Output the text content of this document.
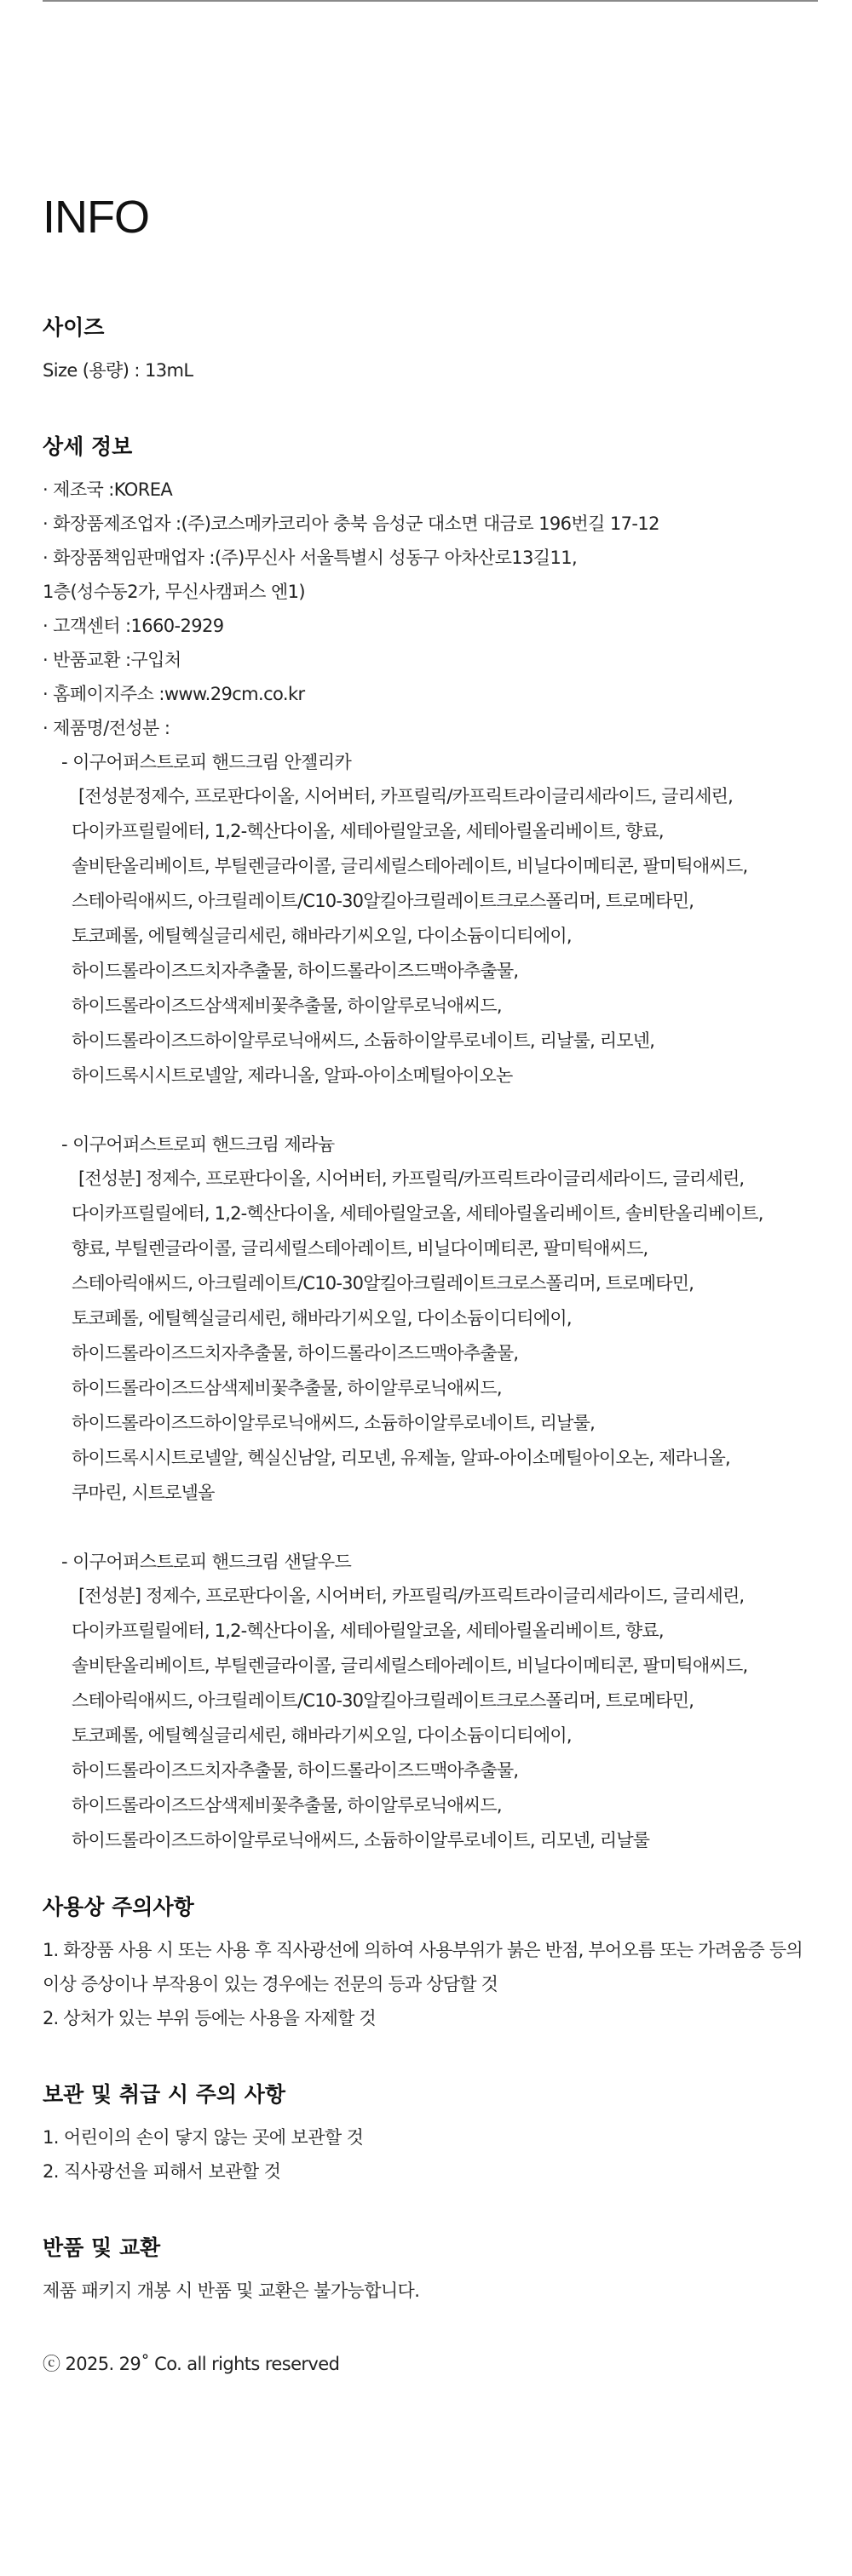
INFO
사이즈
Size (용량) : 13mL
상세 정보
· 제조국 :KOREA
· 화장품제조업자 :(주)코스메카코리아 충북 음성군 대소면 대금로 196번길 17-12
· 화장품책임판매업자 :(주)무신사 서울특별시 성동구 아차산로13길11,
1층(성수동2가, 무신사캠퍼스 엔1)
· 고객센터 :1660-2929
· 반품교환 :구입처
· 홈페이지주소 :www.29cm.co.kr
· 제품명/전성분 :
- 이구어퍼스트로피 핸드크림 안젤리카
[전성분정제수, 프로판다이올, 시어버터, 카프릴릭/카프릭트라이글리세라이드, 글리세린,
다이카프릴릴에터, 1,2-헥산다이올, 세테아릴알코올, 세테아릴올리베이트, 향료,
솔비탄올리베이트, 부틸렌글라이콜, 글리세릴스테아레이트, 비닐다이메티콘, 팔미틱애씨드,
스테아릭애씨드, 아크릴레이트/C10-30알킬아크릴레이트크로스폴리머, 트로메타민,
토코페롤, 에틸헥실글리세린, 해바라기씨오일, 다이소듐이디티에이,
하이드롤라이즈드치자추출물, 하이드롤라이즈드맥아추출물,
하이드롤라이즈드삼색제비꽃추출물, 하이알루로닉애씨드,
하이드롤라이즈드하이알루로닉애씨드, 소듐하이알루로네이트, 리날룰, 리모넨,
하이드록시시트로넬알, 제라니올, 알파-아이소메틸아이오논
- 이구어퍼스트로피 핸드크림 제라늄
[전성분] 정제수, 프로판다이올, 시어버터, 카프릴릭/카프릭트라이글리세라이드, 글리세린,
다이카프릴릴에터, 1,2-헥산다이올, 세테아릴알코올, 세테아릴올리베이트, 솔비탄올리베이트,
향료, 부틸렌글라이콜, 글리세릴스테아레이트, 비닐다이메티콘, 팔미틱애씨드,
스테아릭애씨드, 아크릴레이트/C10-30알킬아크릴레이트크로스폴리머, 트로메타민,
토코페롤, 에틸헥실글리세린, 해바라기씨오일, 다이소듐이디티에이,
하이드롤라이즈드치자추출물, 하이드롤라이즈드맥아추출물,
하이드롤라이즈드삼색제비꽃추출물, 하이알루로닉애씨드,
하이드롤라이즈드하이알루로닉애씨드, 소듐하이알루로네이트, 리날룰,
하이드록시시트로넬알, 헥실신남알, 리모넨, 유제놀, 알파-아이소메틸아이오논, 제라니올,
쿠마린, 시트로넬올
- 이구어퍼스트로피 핸드크림 샌달우드
[전성분] 정제수, 프로판다이올, 시어버터, 카프릴릭/카프릭트라이글리세라이드, 글리세린,
다이카프릴릴에터, 1,2-헥산다이올, 세테아릴알코올, 세테아릴올리베이트, 향료,
솔비탄올리베이트, 부틸렌글라이콜, 글리세릴스테아레이트, 비닐다이메티콘, 팔미틱애씨드,
스테아릭애씨드, 아크릴레이트/C10-30알킬아크릴레이트크로스폴리머, 트로메타민,
토코페롤, 에틸헥실글리세린, 해바라기씨오일, 다이소듐이디티에이,
하이드롤라이즈드치자추출물, 하이드롤라이즈드맥아추출물,
하이드롤라이즈드삼색제비꽃추출물, 하이알루로닉애씨드,
하이드롤라이즈드하이알루로닉애씨드, 소듐하이알루로네이트, 리모넨, 리날룰
사용상 주의사항
1. 화장품 사용 시 또는 사용 후 직사광선에 의하여 사용부위가 붉은 반점, 부어오름 또는 가려움증 등의 이상 증상이나 부작용이 있는 경우에는 전문의 등과 상담할 것
2. 상처가 있는 부위 등에는 사용을 자제할 것
보관 및 취급 시 주의 사항
1. 어린이의 손이 닿지 않는 곳에 보관할 것
2. 직사광선을 피해서 보관할 것
반품 및 교환
제품 패키지 개봉 시 반품 및 교환은 불가능합니다.
ⓒ 2025. 29˚ Co. all rights reserved
